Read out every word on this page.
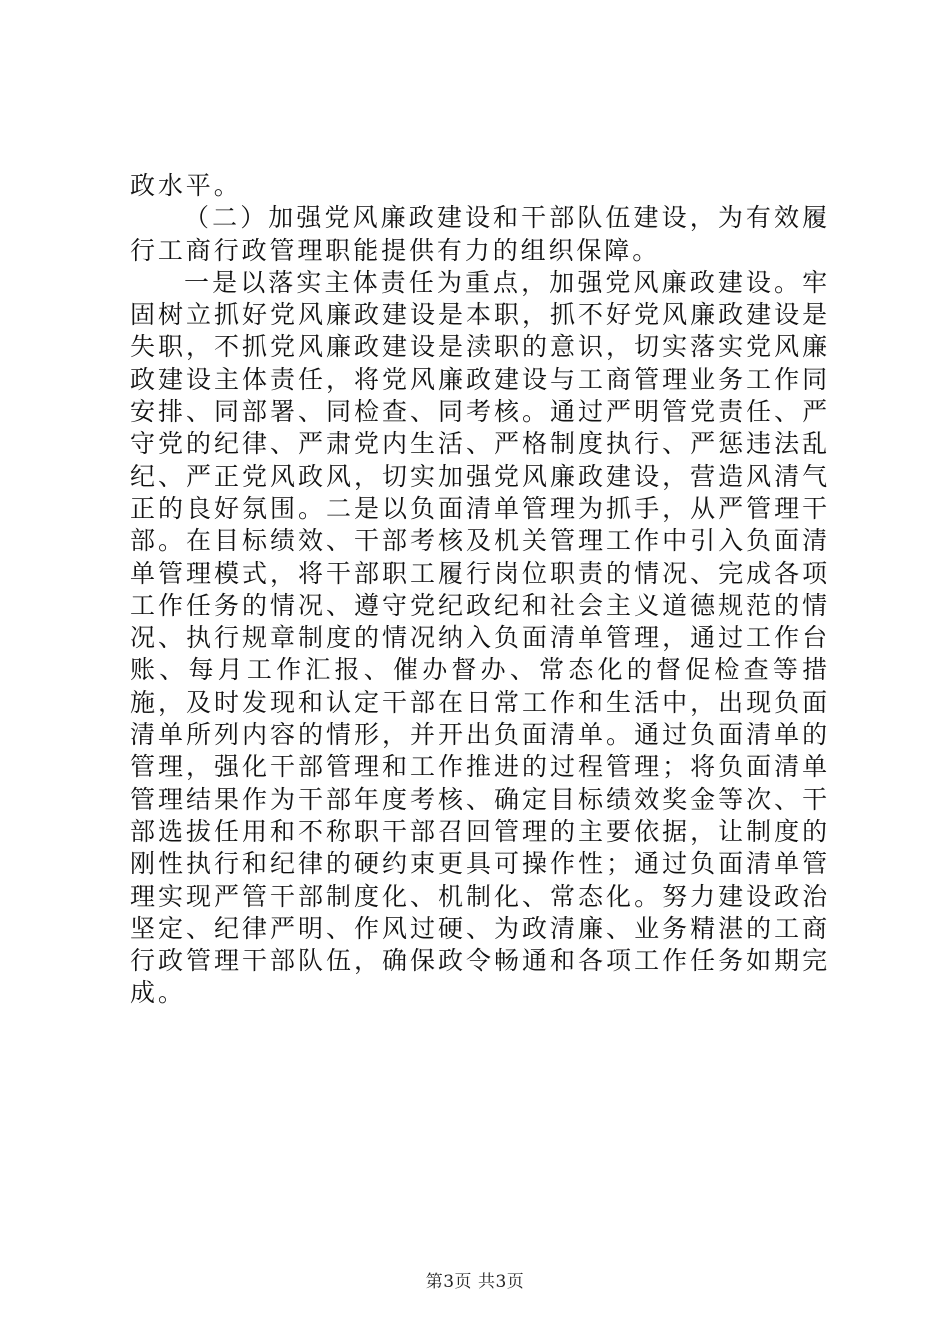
政水平。

（二）加强党风廉政建设和干部队伍建设，为有效履行工商行政管理职能提供有力的组织保障。

一是以落实主体责任为重点，加强党风廉政建设。牢固树立抓好党风廉政建设是本职，抓不好党风廉政建设是失职，不抓党风廉政建设是渎职的意识，切实落实党风廉政建设主体责任，将党风廉政建设与工商管理业务工作同安排、同部署、同检查、同考核。通过严明管党责任、严守党的纪律、严肃党内生活、严格制度执行、严惩违法乱纪、严正党风政风，切实加强党风廉政建设，营造风清气正的良好氛围。二是以负面清单管理为抓手，从严管理干部。在目标绩效、干部考核及机关管理工作中引入负面清单管理模式，将干部职工履行岗位职责的情况、完成各项工作任务的情况、遵守党纪政纪和社会主义道德规范的情况、执行规章制度的情况纳入负面清单管理，通过工作台账、每月工作汇报、催办督办、常态化的督促检查等措施，及时发现和认定干部在日常工作和生活中，出现负面清单所列内容的情形，并开出负面清单。通过负面清单的管理，强化干部管理和工作推进的过程管理；将负面清单管理结果作为干部年度考核、确定目标绩效奖金等次、干部选拔任用和不称职干部召回管理的主要依据，让制度的刚性执行和纪律的硬约束更具可操作性；通过负面清单管理实现严管干部制度化、机制化、常态化。努力建设政治坚定、纪律严明、作风过硬、为政清廉、业务精湛的工商行政管理干部队伍，确保政令畅通和各项工作任务如期完成。

第3页 共3页
